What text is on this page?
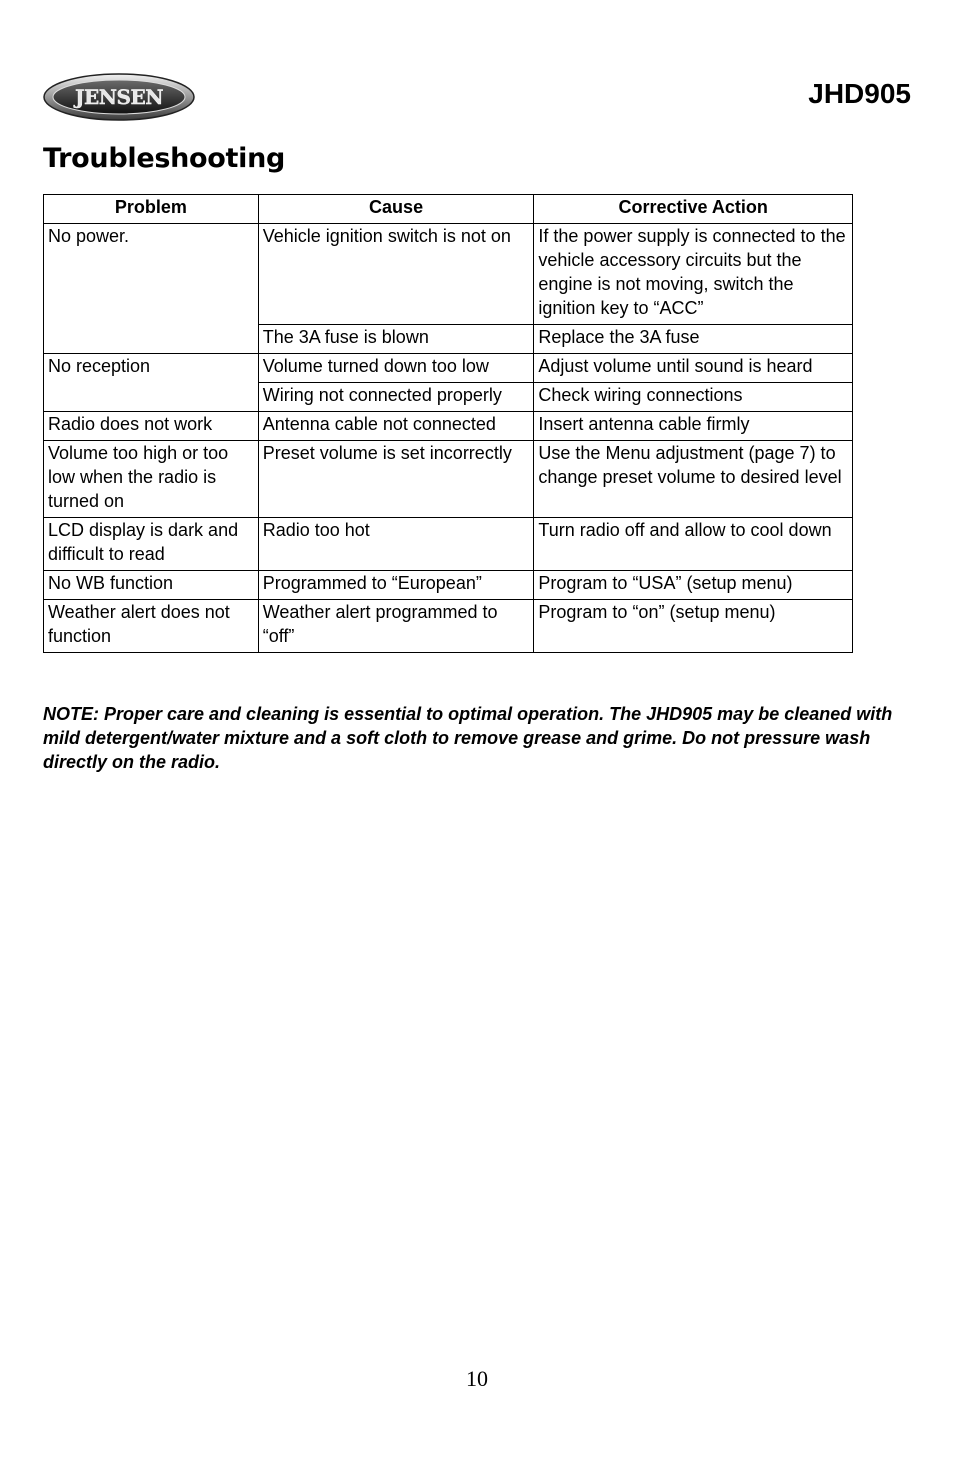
JENSEN	JHD905
Troubleshooting
Problem	Cause	Corrective Action
No power.	Vehicle ignition switch is not on	If the power supply is connected to the vehicle accessory circuits but the engine is not moving, switch the ignition key to “ACC”
	The 3A fuse is blown	Replace the 3A fuse
No reception	Volume turned down too low	Adjust volume until sound is heard
	Wiring not connected properly	Check wiring connections
Radio does not work	Antenna cable not connected	Insert antenna cable firmly
Volume too high or too low when the radio is turned on	Preset volume is set incorrectly	Use the Menu adjustment (page 7) to change preset volume to desired level
LCD display is dark and difficult to read	Radio too hot	Turn radio off and allow to cool down
No WB function	Programmed to “European”	Program to “USA” (setup menu)
Weather alert does not function	Weather alert programmed to “off”	Program to “on” (setup menu)
NOTE: Proper care and cleaning is essential to optimal operation. The JHD905 may be cleaned with mild detergent/water mixture and a soft cloth to remove grease and grime. Do not pressure wash directly on the radio.
10
